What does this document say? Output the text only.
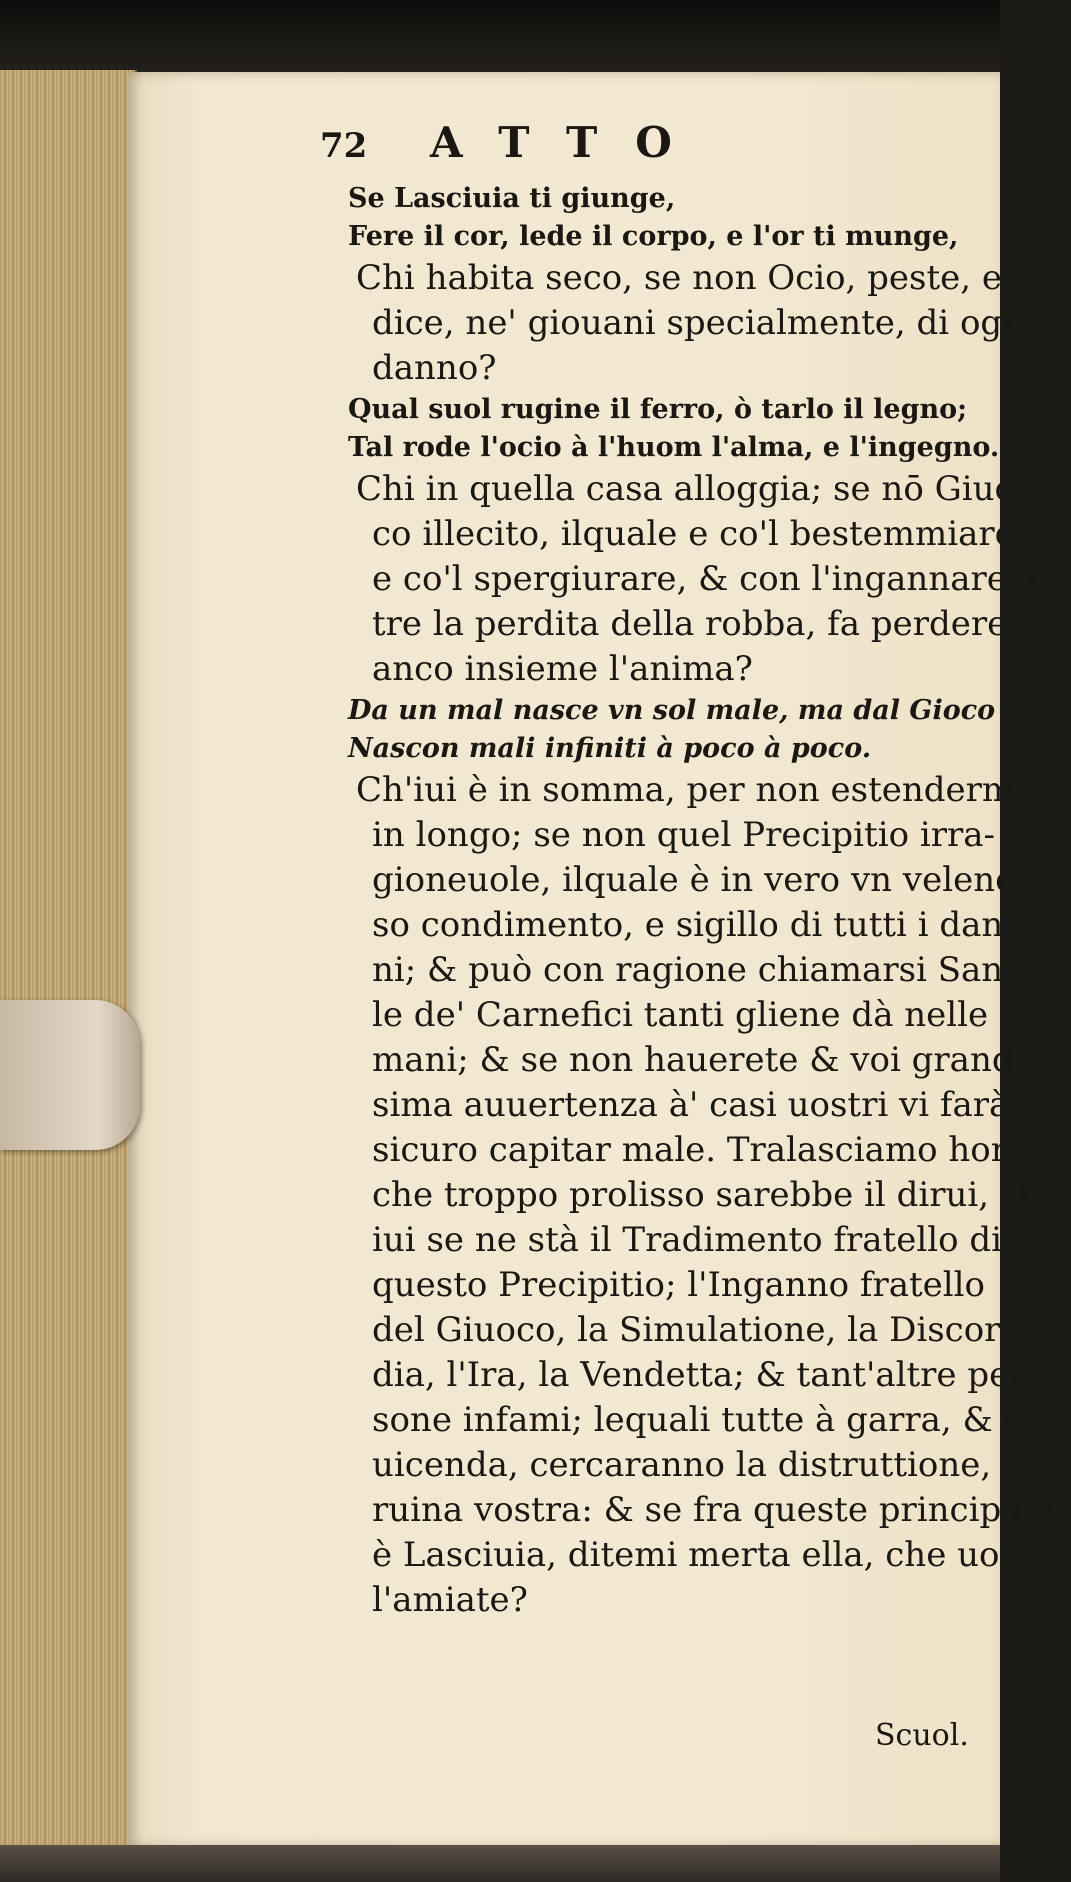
72	ATTO
Se Lasciuia ti giunge,
Fere il cor, lede il corpo, e l'or ti munge,
Chi habita seco, se non Ocio, peste, e ra-
dice, ne' giouani specialmente, di ogni
danno?
Qual suol rugine il ferro, ò tarlo il legno;
Tal rode l'ocio à l'huom l'alma, e l'ingegno.
Chi in quella casa alloggia; se nō Giuo
co illecito, ilquale e co'l bestemmiare,
e co'l spergiurare, & con l'ingannare, ol-
tre la perdita della robba, fa perdere
anco insieme l'anima?
Da un mal nasce vn sol male, ma dal Gioco
Nascon mali infiniti à poco à poco.
Ch'iui è in somma, per non estendermi
in longo; se non quel Precipitio irra-
gioneuole, ilquale è in vero vn veleno-
so condimento, e sigillo di tutti i dan-
ni; & può con ragione chiamarsi Sansa-
le de' Carnefici tanti gliene dà nelle
mani; & se non hauerete & voi grandis-
sima auuertenza à' casi uostri vi farà al
sicuro capitar male. Tralasciamo hora,
che troppo prolisso sarebbe il dirui, che
iui se ne stà il Tradimento fratello di
questo Precipitio; l'Inganno fratello
del Giuoco, la Simulatione, la Discor-
dia, l'Ira, la Vendetta; & tant'altre per-
sone infami; lequali tutte à garra, & à
uicenda, cercaranno la distruttione, e
ruina vostra: & se fra queste principale
è Lasciuia, ditemi merta ella, che uoi
l'amiate?
Scuol.
